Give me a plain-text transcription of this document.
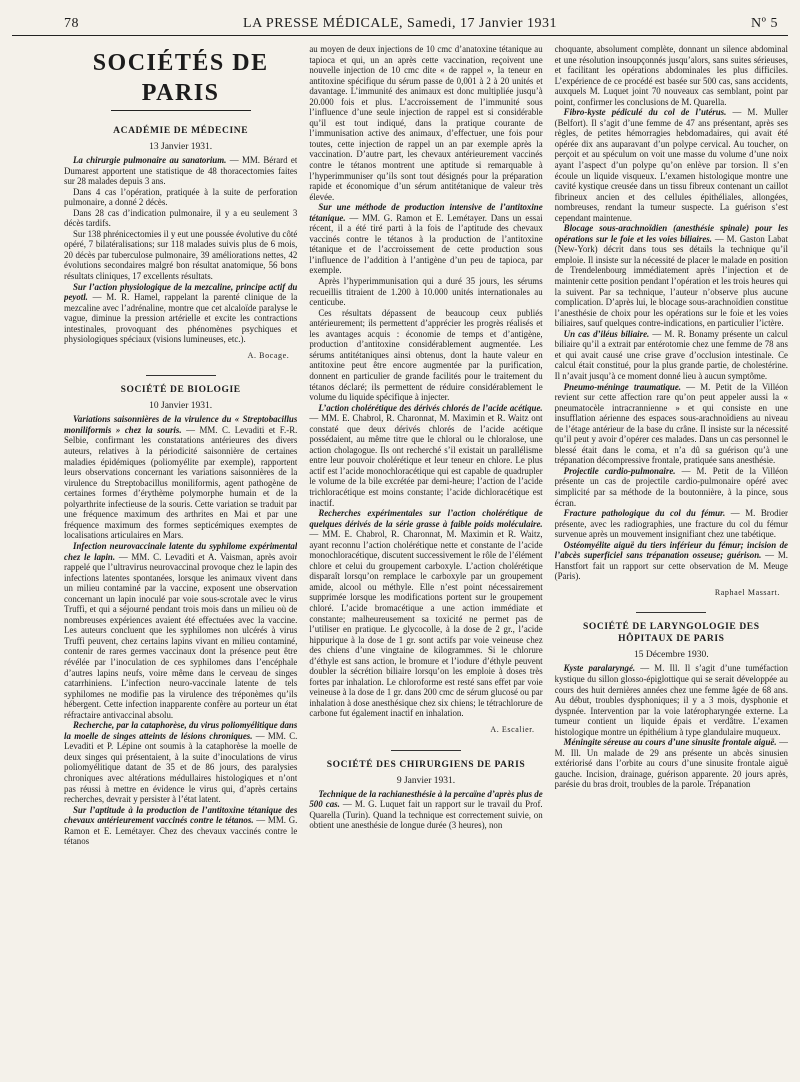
78	LA PRESSE MÉDICALE, Samedi, 17 Janvier 1931	Nº 5
SOCIÉTÉS DE PARIS
ACADÉMIE DE MÉDECINE
13 Janvier 1931.

La chirurgie pulmonaire au sanatorium. — MM. Bérard et Dumarest apportent une statistique de 48 thoracectomies faites sur 28 malades depuis 3 ans.

Dans 4 cas l’opération, pratiquée à la suite de perforation pulmonaire, a donné 2 décès.

Dans 28 cas d’indication pulmonaire, il y a eu seulement 3 décès tardifs.

Sur 138 phrénicectomies il y eut une poussée évolutive du côté opéré, 7 bilatéralisations; sur 118 malades suivis plus de 6 mois, 20 décès par tuberculose pulmonaire, 39 améliorations nettes, 42 évolutions secondaires malgré bon résultat anatomique, 56 bons résultats cliniques, 17 excellents résultats.

Sur l’action physiologique de la mezcaline, principe actif du peyotl. — M. R. Hamel, rappelant la parenté clinique de la mezcaline avec l’adrénaline, montre que cet alcaloïde paralyse le vague, diminue la pression artérielle et excite les contractions intestinales, provoquant des phénomènes psychiques et physiologiques spéciaux (visions lumineuses, etc.).

A. Bocage.
SOCIÉTÉ DE BIOLOGIE
10 Janvier 1931.

Variations saisonnières de la virulence du « Streptobacillus moniliformis » chez la souris. — MM. C. Levaditi et F.-R. Selbie, confirmant les constatations antérieures des divers auteurs, relatives à la périodicité saisonnière de certaines maladies épidémiques (poliomyélite par exemple), rapportent leurs observations concernant les variations saisonnières de la virulence du Streptobacillus moniliformis, agent pathogène de certaines formes d’érythème polymorphe humain et de la polyarthrite infectieuse de la souris. Cette variation se traduit par une fréquence maximum des arthrites en Mai et par une fréquence maximum des formes septicémiques exemptes de localisations articulaires en Mars.

Infection neurovaccinale latente du syphilome expérimental chez le lapin. — MM. C. Levaditi et A. Vaisman, après avoir rappelé que l’ultravirus neurovaccinal provoque chez le lapin des infections latentes spontanées, lorsque les animaux vivent dans un milieu contaminé par la vaccine, exposent une observation concernant un lapin inoculé par voie sous-scrotale avec le virus Truffi, et qui a séjourné pendant trois mois dans un milieu où de nombreuses expériences avaient été effectuées avec la vaccine. Les auteurs concluent que les syphilomes non ulcérés à virus Truffi peuvent, chez certains lapins vivant en milieu contaminé, contenir de rares germes vaccinaux dont la présence peut être révélée par l’inoculation de ces syphilomes dans l’encéphale d’autres lapins neufs, voire même dans le cerveau de singes catarrhiniens. L’infection neuro-vaccinale latente de tels syphilomes ne modifie pas la virulence des tréponèmes qu’ils hébergent. Cette infection inapparente confère au porteur un état réfractaire antivaccinal absolu.

Recherche, par la cataphorèse, du virus poliomyélitique dans la moelle de singes atteints de lésions chroniques. — MM. C. Levaditi et P. Lépine ont soumis à la cataphorèse la moelle de deux singes qui présentaient, à la suite d’inoculations de virus poliomyélitique datant de 35 et de 86 jours, des paralysies chroniques avec altérations médullaires histologiques et n’ont pas réussi à mettre en évidence le virus qui, d’après certains recherches, devrait y persister à l’état latent.

Sur l’aptitude à la production de l’antitoxine tétanique des chevaux antérieurement vaccinés contre le tétanos. — MM. G. Ramon et E. Lemétayer. Chez des chevaux vaccinés contre le tétanos

au moyen de deux injections de 10 cmc d’anatoxine tétanique au tapioca et qui, un an après cette vaccination, reçoivent une nouvelle injection de 10 cmc dite « de rappel », la teneur en antitoxine spécifique du sérum passe de 0,001 à 2 à 20 unités et davantage. L’immunité des animaux est donc multipliée jusqu’à 20.000 fois et plus. L’accroissement de l’immunité sous l’influence d’une seule injection de rappel est si considérable qu’il est tout indiqué, dans la pratique courante de l’immunisation active des animaux, d’effectuer, une fois pour toutes, cette injection de rappel un an par exemple après la vaccination. D’autre part, les chevaux antérieurement vaccinés contre le tétanos montrent une aptitude si remarquable à l’hyperimmuniser qu’ils sont tout désignés pour la préparation rapide et économique d’un sérum antitétanique de valeur très élevée.

Sur une méthode de production intensive de l’antitoxine tétanique. — MM. G. Ramon et E. Lemétayer. Dans un essai récent, il a été tiré parti à la fois de l’aptitude des chevaux vaccinés contre le tétanos à la production de l’antitoxine tétanique et de l’accroissement de cette production sous l’influence de l’addition à l’antigène d’un peu de tapioca, par exemple.

Après l’hyperimmunisation qui a duré 35 jours, les sérums recueillis titraient de 1.200 à 10.000 unités internationales au centicube.

Ces résultats dépassent de beaucoup ceux publiés antérieurement; ils permettent d’apprécier les progrès réalisés et les avantages acquis : économie de temps et d’antigène, production d’antitoxine considérablement augmentée. Les sérums antitétaniques ainsi obtenus, dont la haute valeur en antitoxine peut être encore augmentée par la purification, donnent en particulier de grande facilités pour le traitement du tétanos déclaré; ils permettent de réduire considérablement le volume du liquide spécifique à injecter.

L’action cholérétique des dérivés chlorés de l’acide acétique. — MM. E. Chabrol, R. Charonnat, M. Maximin et R. Waitz ont constaté que deux dérivés chlorés de l’acide acétique possédaient, au même titre que le chloral ou le chloralose, une action cholagogue. Ils ont recherché s’il existait un parallélisme entre leur pouvoir cholérétique et leur teneur en chlore. Le plus actif est l’acide monochloracétique qui est capable de quadrupler le volume de la bile excrétée par demi-heure; l’action de l’acide trichloracétique est moins constante; l’acide dichloracétique est inactif.

Recherches expérimentales sur l’action cholérétique de quelques dérivés de la série grasse à faible poids moléculaire. — MM. E. Chabrol, R. Charonnat, M. Maximin et R. Waitz, ayant reconnu l’action cholérétique nette et constante de l’acide monochloracétique, discutent successivement le rôle de l’élément chlore et celui du groupement carboxyle. L’action cholérétique disparaît lorsqu’on remplace le carboxyle par un groupement amide, alcool ou méthyle. Elle n’est point nécessairement supprimée lorsque les modifications portent sur le groupement chloré. L’acide bromacétique a une action immédiate et constante; malheureusement sa toxicité ne permet pas de l’utiliser en pratique. Le glycocolle, à la dose de 2 gr., l’acide hippurique à la dose de 1 gr. sont actifs par voie veineuse chez des chiens d’une vingtaine de kilogrammes. Si le chlorure d’éthyle est sans action, le bromure et l’iodure d’éthyle peuvent doubler la sécrétion biliaire lorsqu’on les emploie à doses très fortes par inhalation. Le chloroforme est resté sans effet par voie veineuse à la dose de 1 gr. dans 200 cmc de sérum glucosé ou par inhalation à dose anesthésique chez six chiens; le tétrachlorure de carbone fut également inactif en inhalation.

A. Escalier.
SOCIÉTÉ DES CHIRURGIENS DE PARIS
9 Janvier 1931.

Technique de la rachianesthésie à la percaïne d’après plus de 500 cas. — M. G. Luquet fait un rapport sur le travail du Prof. Quarella (Turin). Quand la technique est correctement suivie, on obtient une anesthésie de longue durée (3 heures), non

choquante, absolument complète, donnant un silence abdominal et une résolution insoupçonnés jusqu’alors, sans suites sérieuses, et facilitant les opérations abdominales les plus difficiles. L’expérience de ce procédé est basée sur 500 cas, sans accidents, auxquels M. Luquet joint 70 nouveaux cas semblant, point par point, confirmer les conclusions de M. Quarella.

Fibro-kyste pédiculé du col de l’utérus. — M. Muller (Belfort). Il s’agit d’une femme de 47 ans présentant, après ses règles, de petites hémorragies hebdomadaires, qui avait été opérée dix ans auparavant d’un polype cervical. Au toucher, on perçoit et au spéculum on voit une masse du volume d’une noix ayant l’aspect d’un polype qu’on enlève par torsion. Il s’en écoule un liquide visqueux. L’examen histologique montre une cavité kystique creusée dans un tissu fibreux contenant un caillot fibrineux ancien et des cellules épithéliales, allongées, nombreuses, rendant la tumeur suspecte. La guérison s’est cependant maintenue.

Blocage sous-arachnoïdien (anesthésie spinale) pour les opérations sur le foie et les voies biliaires. — M. Gaston Labat (New-York) décrit dans tous ses détails la technique qu’il emploie. Il insiste sur la nécessité de placer le malade en position de Trendelenbourg immédiatement après l’injection et de maintenir cette position pendant l’opération et les trois heures qui la suivent. Par sa technique, l’auteur n’observe plus aucune complication. D’après lui, le blocage sous-arachnoïdien constitue l’anesthésie de choix pour les opérations sur le foie et les voies biliaires, sauf quelques contre-indications, en particulier l’ictère.

Un cas d’iléus biliaire. — M. R. Bonamy présente un calcul biliaire qu’il a extrait par entérotomie chez une femme de 78 ans et qui avait causé une crise grave d’occlusion intestinale. Ce calcul était constitué, pour la plus grande partie, de cholestérine. Il n’avait jusqu’à ce moment donné lieu à aucun symptôme.

Pneumo-méninge traumatique. — M. Petit de la Villéon revient sur cette affection rare qu’on peut appeler aussi la « pneumatocèle intracrannienne » et qui consiste en une insufflation aérienne des espaces sous-arachnoïdiens au niveau de l’étage antérieur de la base du crâne. Il insiste sur la nécessité qu’il peut y avoir d’opérer ces malades. Dans un cas personnel le blessé était dans le coma, et n’a dû sa guérison qu’à une trépanation décompressive frontale, pratiquée sans anesthésie.

Projectile cardio-pulmonaire. — M. Petit de la Villéon présente un cas de projectile cardio-pulmonaire opéré avec simplicité par sa méthode de la boutonnière, à la pince, sous écran.

Fracture pathologique du col du fémur. — M. Brodier présente, avec les radiographies, une fracture du col du fémur survenue après un mouvement insignifiant chez une tabétique.

Ostéomyélite aiguë du tiers inférieur du fémur; incision de l’abcès superficiel sans trépanation osseuse; guérison. — M. Hanstfort fait un rapport sur cette observation de M. Meuge (Paris).

Raphael Massart.
SOCIÉTÉ DE LARYNGOLOGIE DES HÔPITAUX DE PARIS
15 Décembre 1930.

Kyste paralaryngé. — M. Ill. Il s’agit d’une tuméfaction kystique du sillon glosso-épiglottique qui se serait développée au cours des huit dernières années chez une femme âgée de 68 ans. Au début, troubles dysphoniques; il y a 3 mois, dysphonie et dyspnée. Intervention par la voie latéropharyngée externe. La tumeur contient un liquide épais et verdâtre. L’examen histologique montre un épithélium à type glandulaire muqueux.

Méningite séreuse au cours d’une sinusite frontale aiguë. — M. Ill. Un malade de 29 ans présente un abcès sinusien extériorisé dans l’orbite au cours d’une sinusite frontale aiguë gauche. Incision, drainage, guérison apparente. 20 jours après, parésie du bras droit, troubles de la parole. Trépanation
